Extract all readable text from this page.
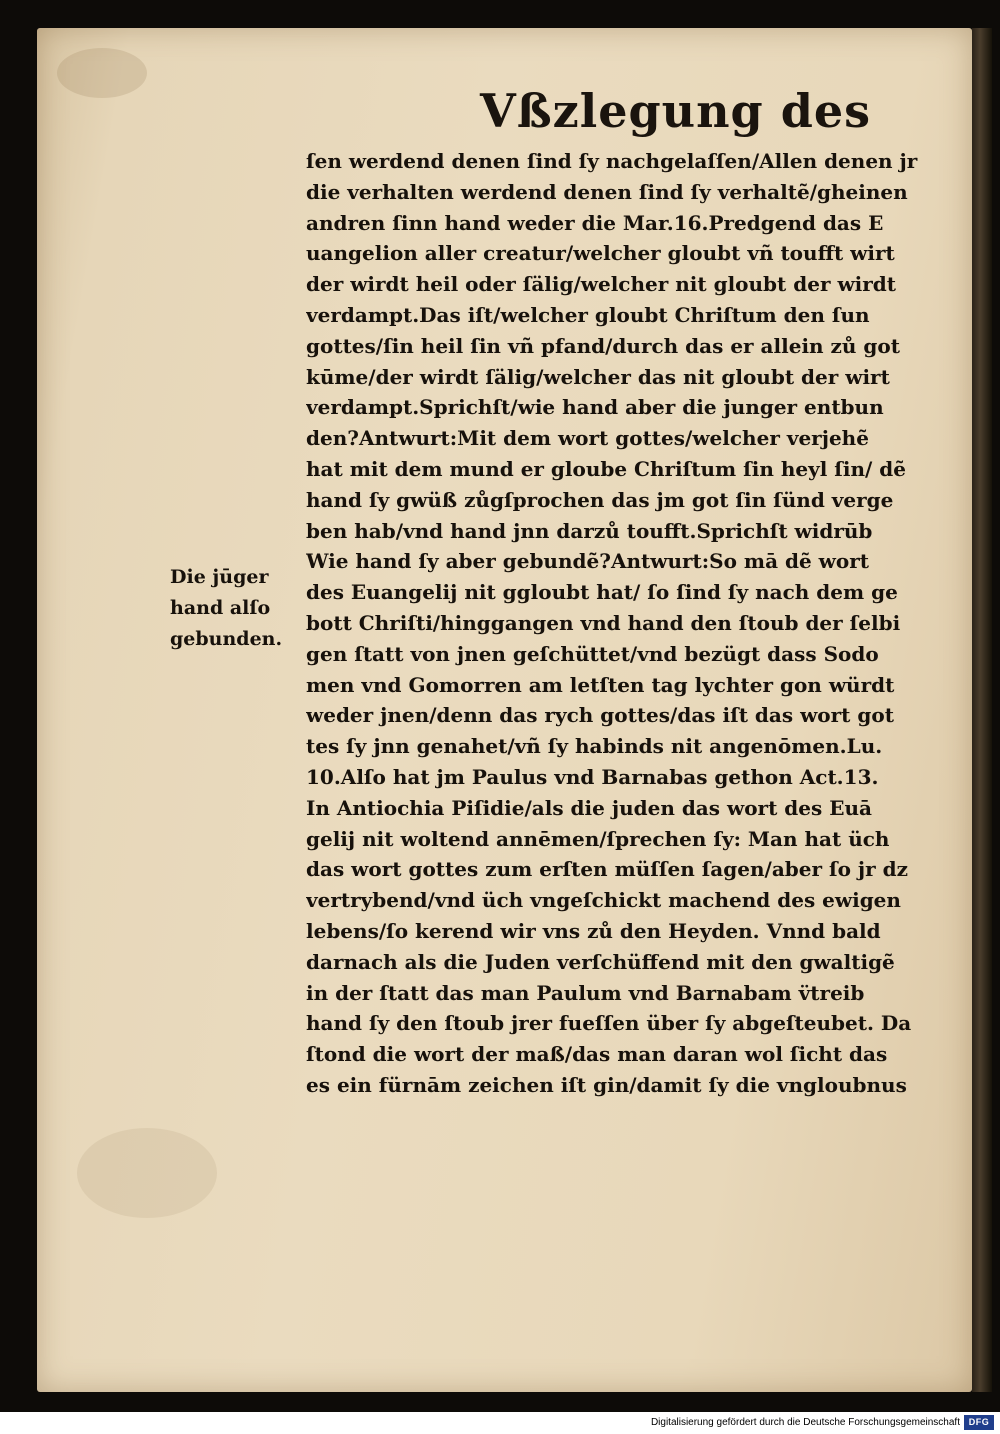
Vßzlegung des
ſen werdend denen ſind ſy nachgelaſſen/Allen denen jr
die verhalten werdend denen ſind ſy verhaltẽ/gheinen
andren ſinn hand weder die Mar.16.Predgend das E
uangelion aller creatur/welcher gloubt vñ toufft wirt
der wirdt heil oder ſälig/welcher nit gloubt der wirdt
verdampt.Das iſt/welcher gloubt Chriſtum den ſun
gottes/ſin heil ſin vñ pfand/durch das er allein zů got
kūme/der wirdt ſälig/welcher das nit gloubt der wirt
verdampt.Sprichſt/wie hand aber die junger entbun
den?Antwurt:Mit dem wort gottes/welcher verjehẽ
hat mit dem mund er gloube Chriſtum ſin heyl ſin/ dẽ
hand ſy gwüß zůgſprochen das jm got ſin ſünd verge
ben hab/vnd hand jnn darzů toufft.Sprichſt widrūb
Wie hand ſy aber gebundẽ?Antwurt:So mā dẽ wort
des Euangelij nit ggloubt hat/ ſo ſind ſy nach dem ge
bott Chriſti/hinggangen vnd hand den ſtoub der ſelbi
gen ſtatt von jnen geſchüttet/vnd bezügt dass Sodo
men vnd Gomorren am letſten tag lychter gon würdt
weder jnen/denn das rych gottes/das iſt das wort got
tes ſy jnn genahet/vñ ſy habinds nit angenōmen.Lu.
10.Alſo hat jm Paulus vnd Barnabas gethon Act.13.
In Antiochia Piſidie/als die juden das wort des Euā
gelij nit woltend annēmen/ſprechen ſy: Man hat üch
das wort gottes zum erſten müſſen ſagen/aber ſo jr dz
vertrybend/vnd üch vngeſchickt machend des ewigen
lebens/ſo kerend wir vns zů den Heyden. Vnnd bald
darnach als die Juden verſchüffend mit den gwaltigẽ
in der ſtatt das man Paulum vnd Barnabam v̈treib
hand ſy den ſtoub jrer fueſſen über ſy abgeſteubet. Da
ſtond die wort der maß/das man daran wol ſicht das
es ein fürnām zeichen iſt gin/damit ſy die vngloubnus
Die jūger
hand alſo
gebunden.
Digitalisierung gefördert durch die Deutsche Forschungsgemeinschaft DFG
